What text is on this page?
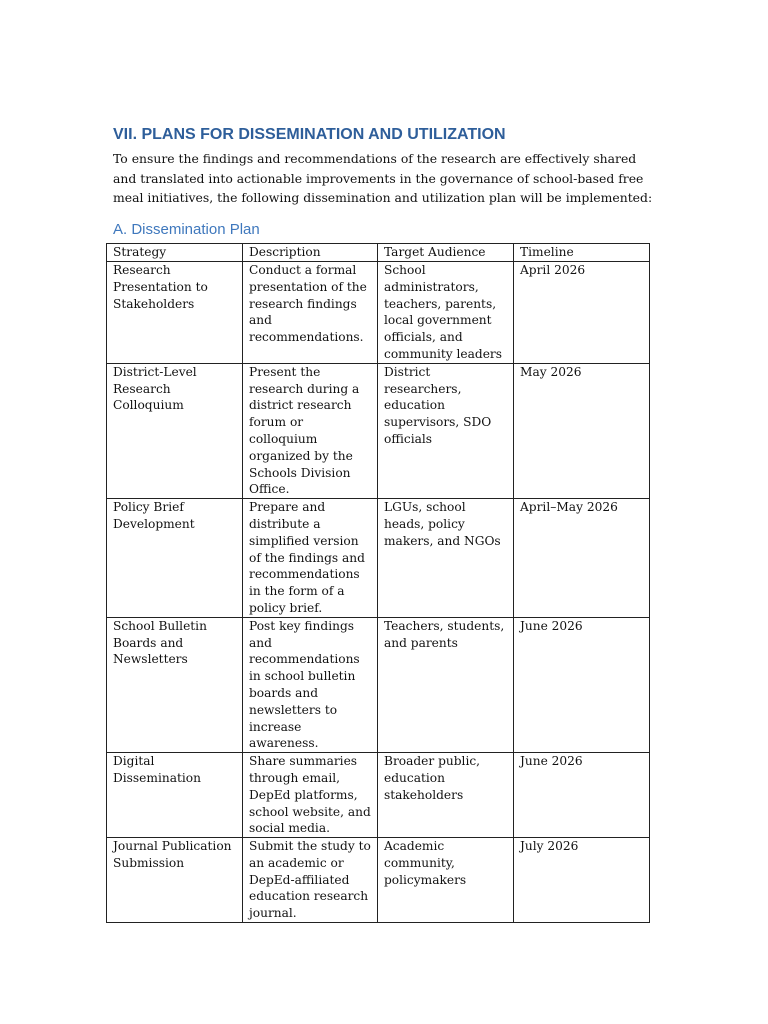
VII. PLANS FOR DISSEMINATION AND UTILIZATION

To ensure the findings and recommendations of the research are effectively shared and translated into actionable improvements in the governance of school-based free meal initiatives, the following dissemination and utilization plan will be implemented:

A. Dissemination Plan
Strategy	Description	Target Audience	Timeline
Research Presentation to Stakeholders	Conduct a formal presentation of the research findings and recommendations.	School administrators, teachers, parents, local government officials, and community leaders	April 2026
District-Level Research Colloquium	Present the research during a district research forum or colloquium organized by the Schools Division Office.	District researchers, education supervisors, SDO officials	May 2026
Policy Brief Development	Prepare and distribute a simplified version of the findings and recommendations in the form of a policy brief.	LGUs, school heads, policy makers, and NGOs	April–May 2026
School Bulletin Boards and Newsletters	Post key findings and recommendations in school bulletin boards and newsletters to increase awareness.	Teachers, students, and parents	June 2026
Digital Dissemination	Share summaries through email, DepEd platforms, school website, and social media.	Broader public, education stakeholders	June 2026
Journal Publication Submission	Submit the study to an academic or DepEd-affiliated education research journal.	Academic community, policymakers	July 2026
